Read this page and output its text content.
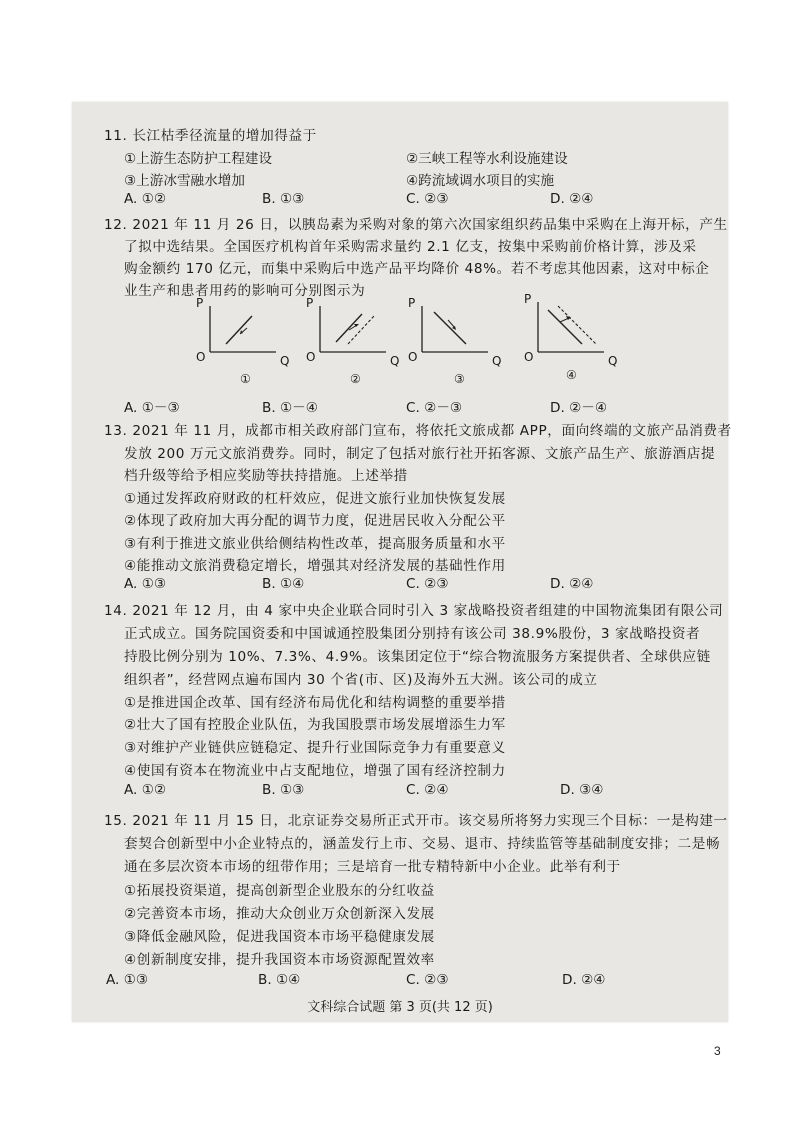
11. 长江枯季径流量的增加得益于
①上游生态防护工程建设	②三峡工程等水利设施建设
③上游冰雪融水增加	④跨流域调水项目的实施
A. ①②	B. ①③	C. ②③	D. ②④
12. 2021 年 11 月 26 日，以胰岛素为采购对象的第六次国家组织药品集中采购在上海开标，产生
了拟中选结果。全国医疗机构首年采购需求量约 2.1 亿支，按集中采购前价格计算，涉及采
购金额约 170 亿元，而集中采购后中选产品平均降价 48%。若不考虑其他因素，这对中标企
业生产和患者用药的影响可分别图示为
P
O	Q
①
P
O	Q
②
P
O	Q
③
P
O	Q
④
A. ①－③	B. ①－④	C. ②－③	D. ②－④
13. 2021 年 11 月，成都市相关政府部门宣布，将依托文旅成都 APP，面向终端的文旅产品消费者
发放 200 万元文旅消费券。同时，制定了包括对旅行社开拓客源、文旅产品生产、旅游酒店提
档升级等给予相应奖励等扶持措施。上述举措
①通过发挥政府财政的杠杆效应，促进文旅行业加快恢复发展
②体现了政府加大再分配的调节力度，促进居民收入分配公平
③有利于推进文旅业供给侧结构性改革，提高服务质量和水平
④能推动文旅消费稳定增长，增强其对经济发展的基础性作用
A. ①③	B. ①④	C. ②③	D. ②④
14. 2021 年 12 月，由 4 家中央企业联合同时引入 3 家战略投资者组建的中国物流集团有限公司
正式成立。国务院国资委和中国诚通控股集团分别持有该公司 38.9%股份，3 家战略投资者
持股比例分别为 10%、7.3%、4.9%。该集团定位于“综合物流服务方案提供者、全球供应链
组织者”，经营网点遍布国内 30 个省(市、区)及海外五大洲。该公司的成立
①是推进国企改革、国有经济布局优化和结构调整的重要举措
②壮大了国有控股企业队伍，为我国股票市场发展增添生力军
③对维护产业链供应链稳定、提升行业国际竞争力有重要意义
④使国有资本在物流业中占支配地位，增强了国有经济控制力
A. ①②	B. ①③	C. ②④	D. ③④
15. 2021 年 11 月 15 日，北京证券交易所正式开市。该交易所将努力实现三个目标：一是构建一
套契合创新型中小企业特点的，涵盖发行上市、交易、退市、持续监管等基础制度安排；二是畅
通在多层次资本市场的纽带作用；三是培育一批专精特新中小企业。此举有利于
①拓展投资渠道，提高创新型企业股东的分红收益
②完善资本市场，推动大众创业万众创新深入发展
③降低金融风险，促进我国资本市场平稳健康发展
④创新制度安排，提升我国资本市场资源配置效率
A. ①③	B. ①④	C. ②③	D. ②④
文科综合试题 第 3 页(共 12 页)
3
